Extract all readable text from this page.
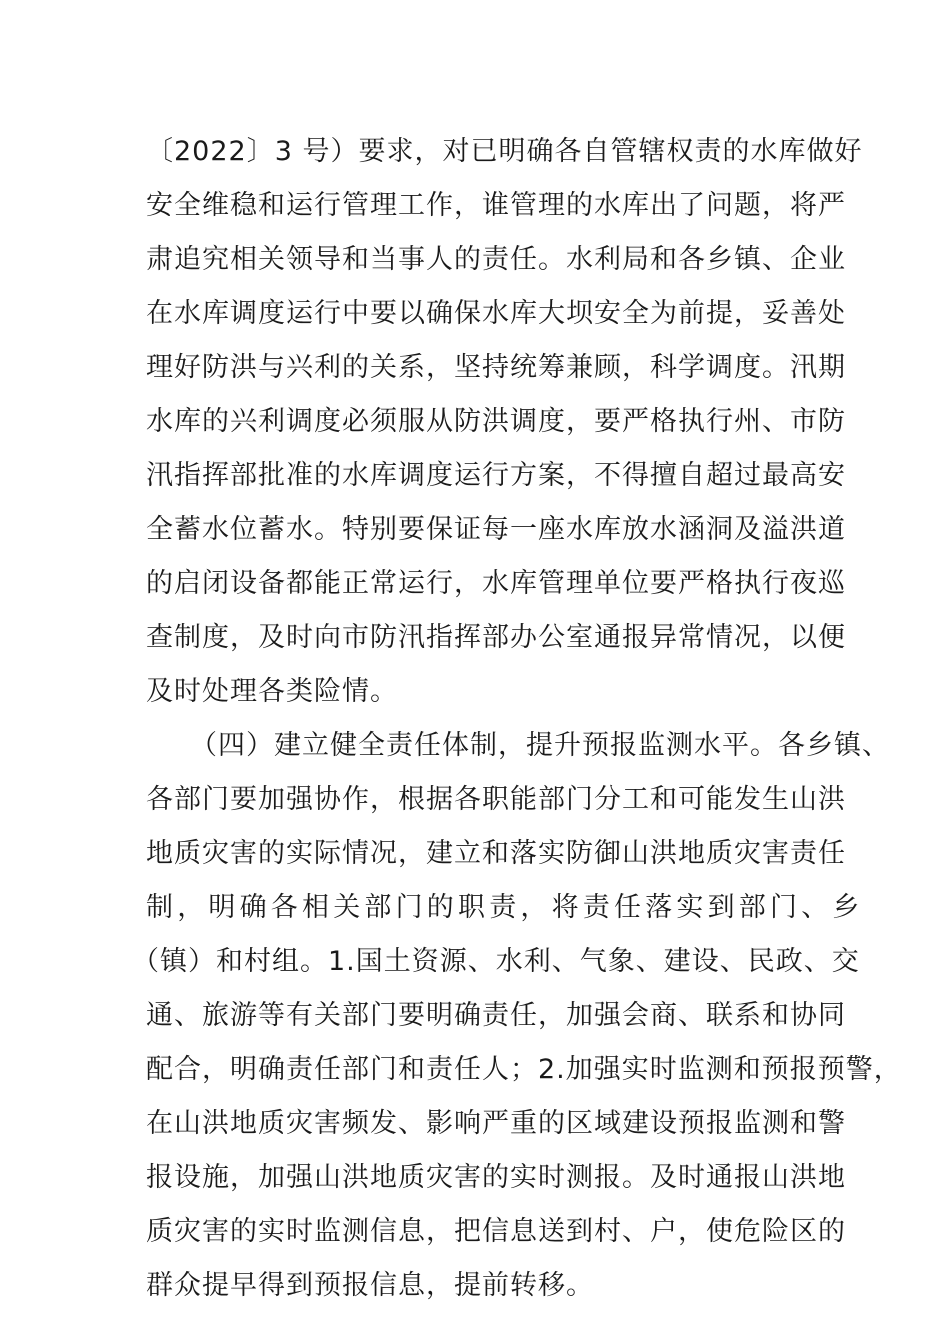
〔2022〕3 号）要求，对已明确各自管辖权责的水库做好
安全维稳和运行管理工作，谁管理的水库出了问题，将严
肃追究相关领导和当事人的责任。水利局和各乡镇、企业
在水库调度运行中要以确保水库大坝安全为前提，妥善处
理好防洪与兴利的关系，坚持统筹兼顾，科学调度。汛期
水库的兴利调度必须服从防洪调度，要严格执行州、市防
汛指挥部批准的水库调度运行方案，不得擅自超过最高安
全蓄水位蓄水。特别要保证每一座水库放水涵洞及溢洪道
的启闭设备都能正常运行，水库管理单位要严格执行夜巡
查制度，及时向市防汛指挥部办公室通报异常情况，以便
及时处理各类险情。
（四）建立健全责任体制，提升预报监测水平。各乡镇、
各部门要加强协作，根据各职能部门分工和可能发生山洪
地质灾害的实际情况，建立和落实防御山洪地质灾害责任
制，明确各相关部门的职责，将责任落实到部门、乡
（镇）和村组。1.国土资源、水利、气象、建设、民政、交
通、旅游等有关部门要明确责任，加强会商、联系和协同
配合，明确责任部门和责任人；2.加强实时监测和预报预警，
在山洪地质灾害频发、影响严重的区域建设预报监测和警
报设施，加强山洪地质灾害的实时测报。及时通报山洪地
质灾害的实时监测信息，把信息送到村、户，使危险区的
群众提早得到预报信息，提前转移。
